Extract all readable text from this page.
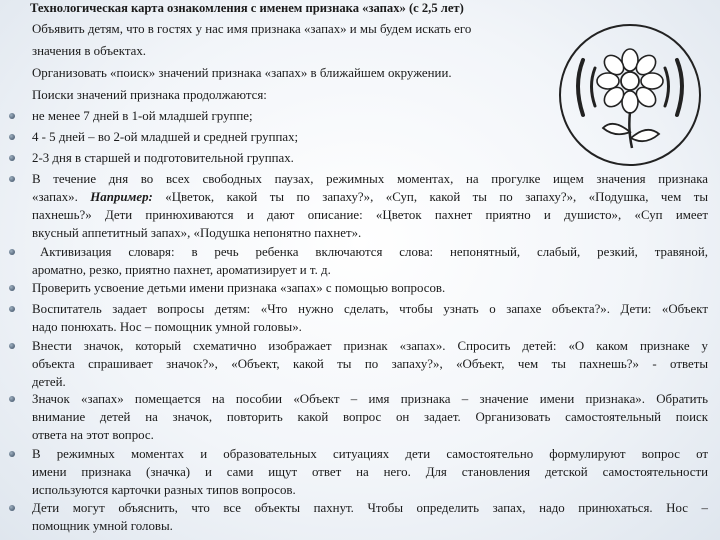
Технологическая карта ознакомления с именем признака «запах» (с 2,5 лет)
Объявить детям, что в гостях у нас имя признака «запах» и мы будем искать его
значения в объектах.
Организовать «поиск» значений признака «запах» в ближайшем окружении.
Поиски значений признака продолжаются:
не менее 7 дней в 1-ой младшей группе;
4 - 5 дней – во 2-ой младшей и средней группах;
2-3 дня в старшей и подготовительной группах.
В течение дня во всех свободных паузах, режимных моментах, на прогулке ищем значения признака
«запах». Например: «Цветок, какой ты по запаху?», «Суп, какой ты по запаху?», «Подушка, чем ты
пахнешь?» Дети принюхиваются и дают описание: «Цветок пахнет приятно и душисто», «Суп имеет
вкусный аппетитный запах», «Подушка непонятно пахнет».
Активизация словаря: в речь ребенка включаются слова: непонятный, слабый, резкий, травяной,
ароматно, резко, приятно пахнет, ароматизирует и т. д.
Проверить усвоение детьми имени признака «запах» с помощью вопросов.
Воспитатель задает вопросы детям: «Что нужно сделать, чтобы узнать о запахе объекта?». Дети: «Объект
надо понюхать. Нос – помощник умной головы».
Внести значок, который схематично изображает признак «запах». Спросить детей: «О каком признаке у
объекта спрашивает значок?», «Объект, какой ты по запаху?», «Объект, чем ты пахнешь?» - ответы
детей.
Значок «запах» помещается на пособии «Объект – имя признака – значение имени признака». Обратить
внимание детей на значок, повторить какой вопрос он задает. Организовать самостоятельный поиск
ответа на этот вопрос.
В режимных моментах и образовательных ситуациях дети самостоятельно формулируют вопрос от
имени признака (значка) и сами ищут ответ на него. Для становления детской самостоятельности
используются карточки разных типов вопросов.
Дети могут объяснить, что все объекты пахнут. Чтобы определить запах, надо принюхаться. Нос –
помощник умной головы.
